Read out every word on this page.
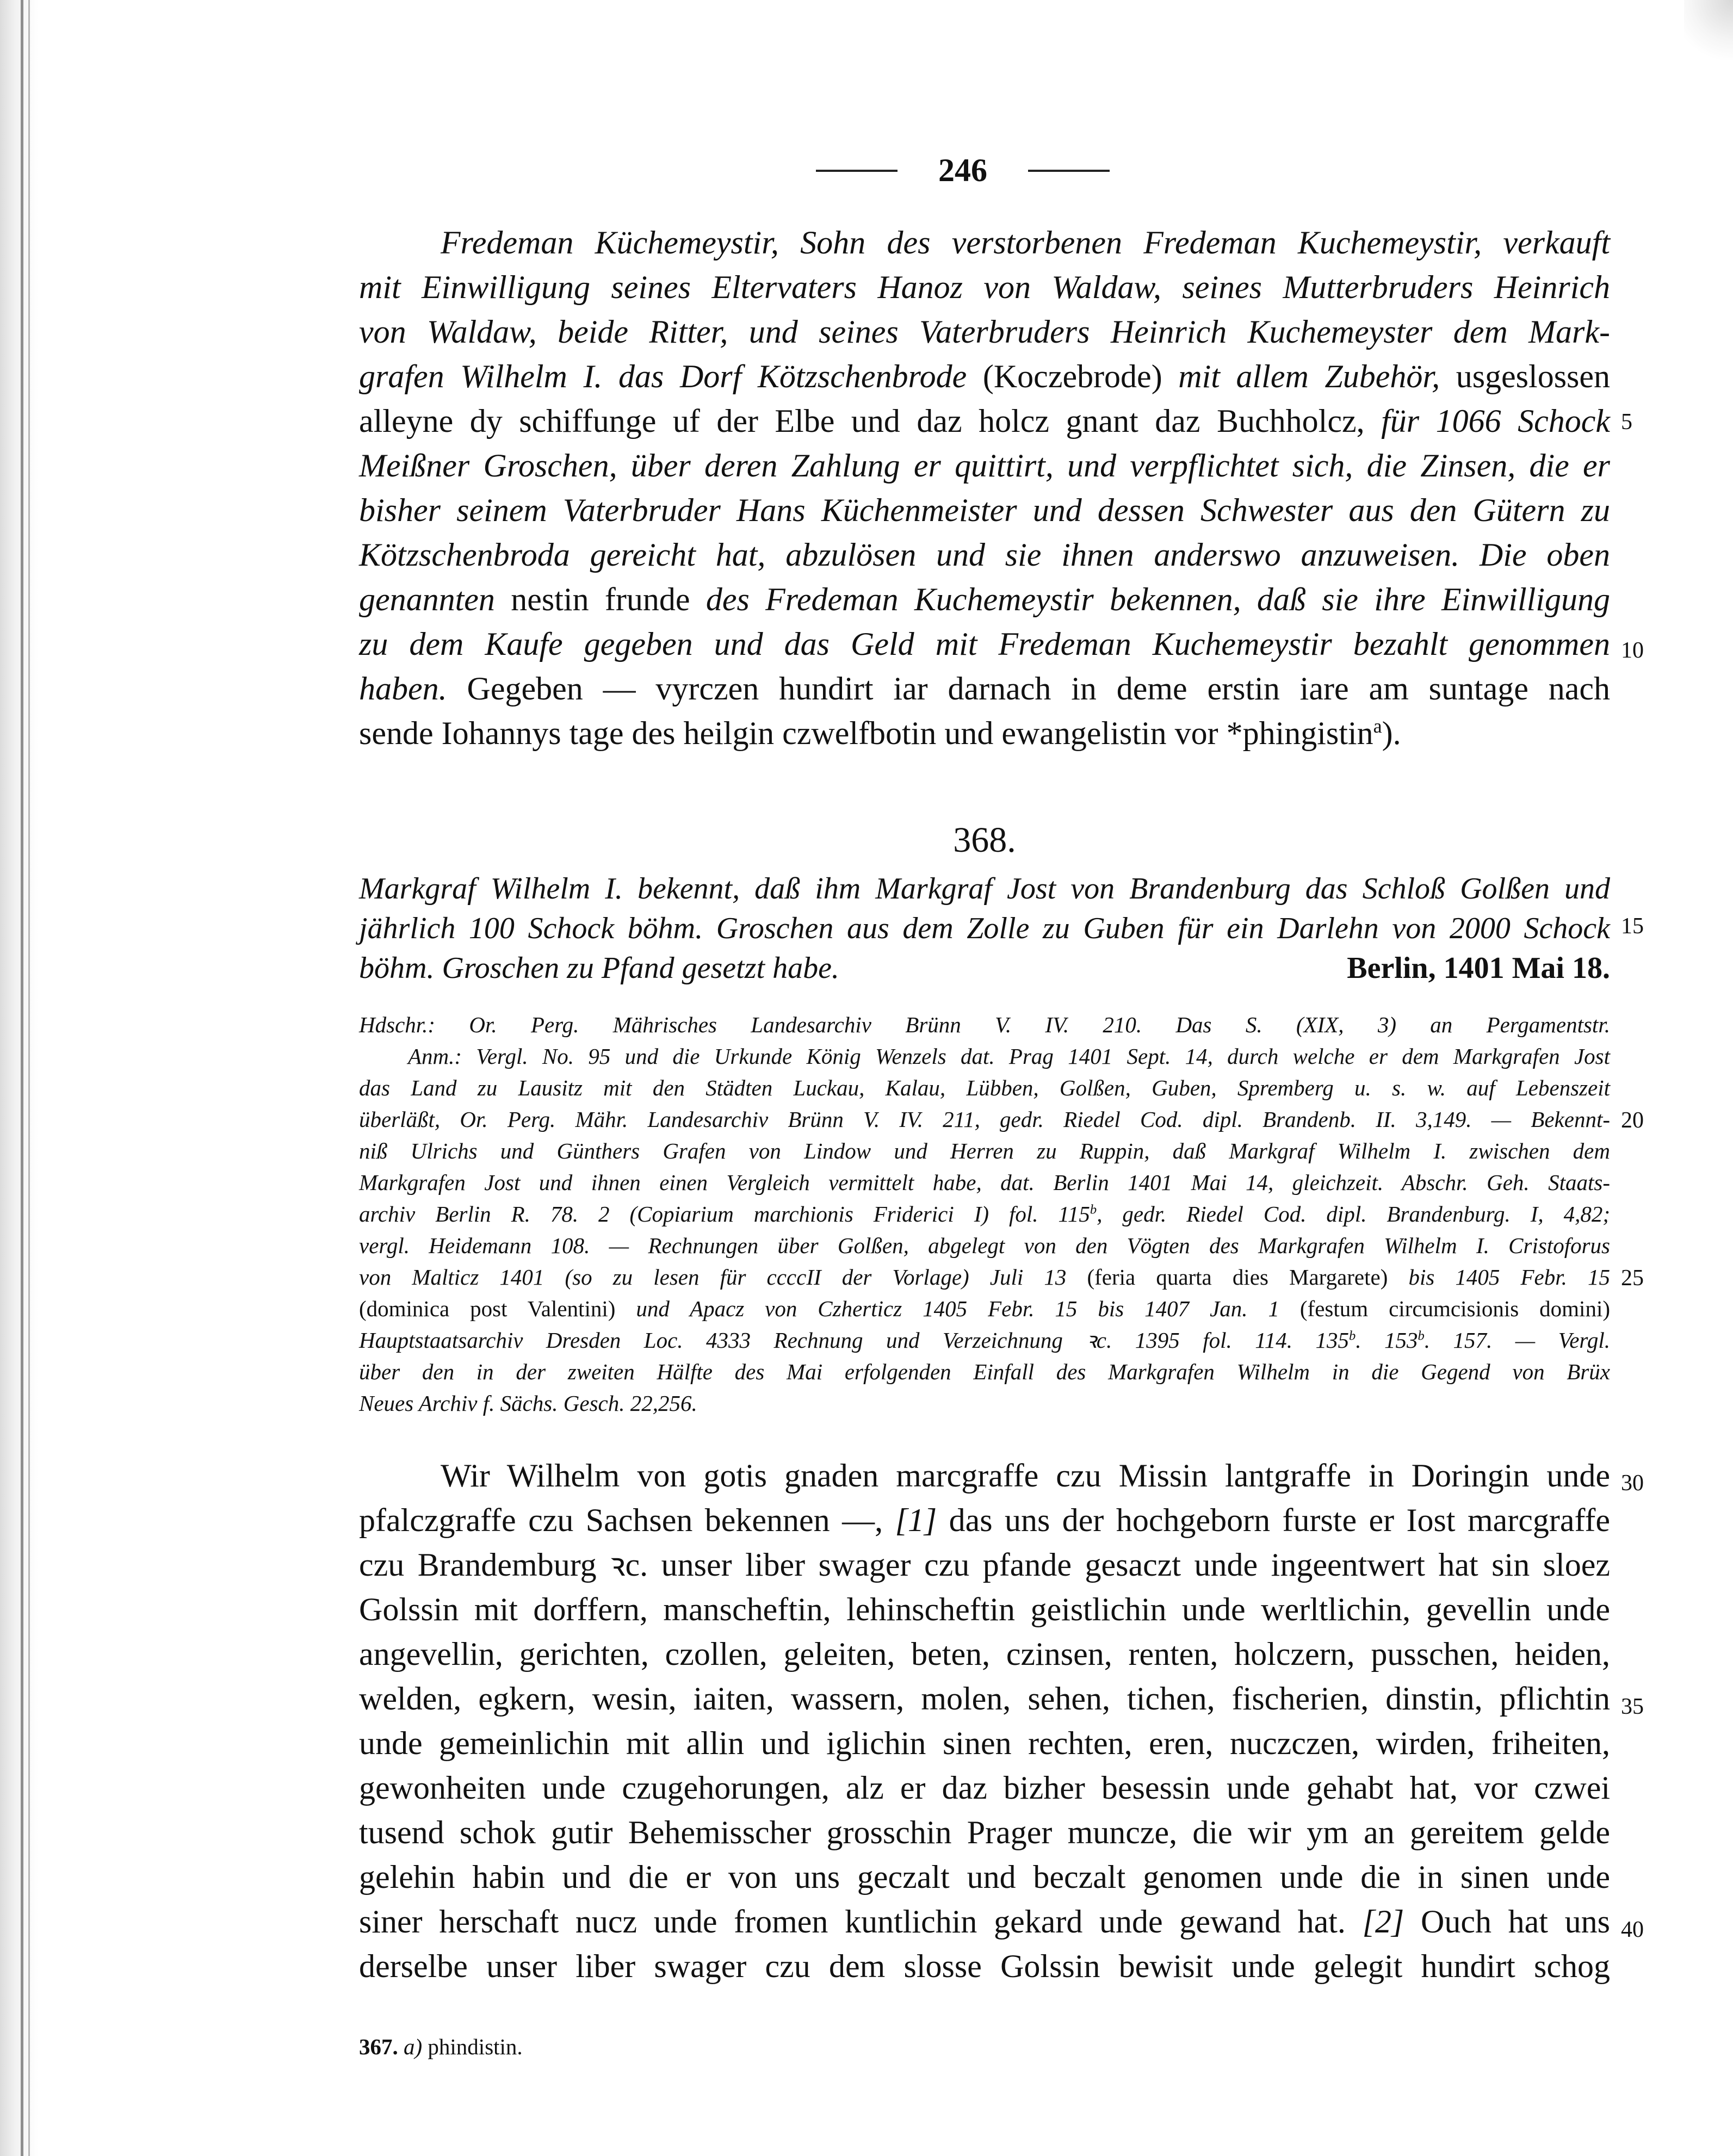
246
Fredeman Küchemeystir, Sohn des verstorbenen Fredeman Kuchemeystir, verkauft
mit Einwilligung seines Eltervaters Hanoz von Waldaw, seines Mutterbruders Heinrich
von Waldaw, beide Ritter, und seines Vaterbruders Heinrich Kuchemeyster dem Mark-
grafen Wilhelm I. das Dorf Kötzschenbrode (Koczebrode) mit allem Zubehör, usgeslossen
alleyne dy schiffunge uf der Elbe und daz holcz gnant daz Buchholcz, für 1066 Schock
Meißner Groschen, über deren Zahlung er quittirt, und verpflichtet sich, die Zinsen, die er
bisher seinem Vaterbruder Hans Küchenmeister und dessen Schwester aus den Gütern zu
Kötzschenbroda gereicht hat, abzulösen und sie ihnen anderswo anzuweisen. Die oben
genannten nestin frunde des Fredeman Kuchemeystir bekennen, daß sie ihre Einwilligung
zu dem Kaufe gegeben und das Geld mit Fredeman Kuchemeystir bezahlt genommen
haben. Gegeben — vyrczen hundirt iar darnach in deme erstin iare am suntage nach
sende Iohannys tage des heilgin czwelfbotin und ewangelistin vor *phingistin$^a$).
368.
Markgraf Wilhelm I. bekennt, daß ihm Markgraf Jost von Brandenburg das Schloß Golßen und
jährlich 100 Schock böhm. Groschen aus dem Zolle zu Guben für ein Darlehn von 2000 Schock
böhm. Groschen zu Pfand gesetzt habe.	Berlin, 1401 Mai 18.
Hdschr.: Or. Perg. Mährisches Landesarchiv Brünn V. IV. 210. Das S. (XIX, 3) an Pergamentstr.
Anm.: Vergl. No. 95 und die Urkunde König Wenzels dat. Prag 1401 Sept. 14, durch welche er dem Markgrafen Jost
das Land zu Lausitz mit den Städten Luckau, Kalau, Lübben, Golßen, Guben, Spremberg u. s. w. auf Lebenszeit
überläßt, Or. Perg. Mähr. Landesarchiv Brünn V. IV. 211, gedr. Riedel Cod. dipl. Brandenb. II. 3,149. — Bekennt-
niß Ulrichs und Günthers Grafen von Lindow und Herren zu Ruppin, daß Markgraf Wilhelm I. zwischen dem
Markgrafen Jost und ihnen einen Vergleich vermittelt habe, dat. Berlin 1401 Mai 14, gleichzeit. Abschr. Geh. Staats-
archiv Berlin R. 78. 2 (Copiarium marchionis Friderici I) fol. 115$^b$, gedr. Riedel Cod. dipl. Brandenburg. I, 4,82;
vergl. Heidemann 108. — Rechnungen über Golßen, abgelegt von den Vögten des Markgrafen Wilhelm I. Cristoforus
von Malticz 1401 (so zu lesen für ccccII der Vorlage) Juli 13 (feria quarta dies Margarete) bis 1405 Febr. 15
(dominica post Valentini) und Apacz von Czherticz 1405 Febr. 15 bis 1407 Jan. 1 (festum circumcisionis domini)
Hauptstaatsarchiv Dresden Loc. 4333 Rechnung und Verzeichnung ꝛc. 1395 fol. 114. 135$^b$. 153$^b$. 157. — Vergl.
über den in der zweiten Hälfte des Mai erfolgenden Einfall des Markgrafen Wilhelm in die Gegend von Brüx
Neues Archiv f. Sächs. Gesch. 22,256.
Wir Wilhelm von gotis gnaden marcgraffe czu Missin lantgraffe in Doringin unde
pfalczgraffe czu Sachsen bekennen —, [1] das uns der hochgeborn furste er Iost marcgraffe
czu Brandemburg ꝛc. unser liber swager czu pfande gesaczt unde ingeentwert hat sin sloez
Golssin mit dorffern, manscheftin, lehinscheftin geistlichin unde werltlichin, gevellin unde
angevellin, gerichten, czollen, geleiten, beten, czinsen, renten, holczern, pusschen, heiden,
welden, egkern, wesin, iaiten, wassern, molen, sehen, tichen, fischerien, dinstin, pflichtin
unde gemeinlichin mit allin und iglichin sinen rechten, eren, nuczczen, wirden, friheiten,
gewonheiten unde czugehorungen, alz er daz bizher besessin unde gehabt hat, vor czwei
tusend schok gutir Behemisscher grosschin Prager muncze, die wir ym an gereitem gelde
gelehin habin und die er von uns geczalt und beczalt genomen unde die in sinen unde
siner herschaft nucz unde fromen kuntlichin gekard unde gewand hat. [2] Ouch hat uns
derselbe unser liber swager czu dem slosse Golssin bewisit unde gelegit hundirt schog
5
10
15
20
25
30
35
40
367. a) phindistin.
